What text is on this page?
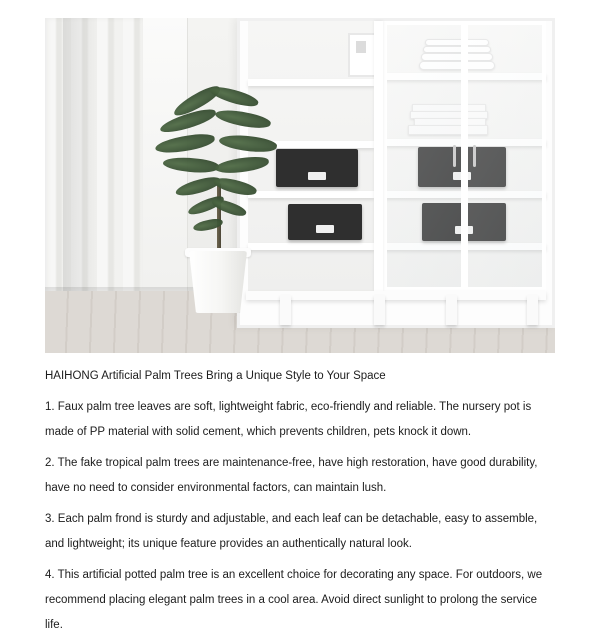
HAIHONG Artificial Palm Trees Bring a Unique Style to Your Space

1. Faux palm tree leaves are soft, lightweight fabric, eco-friendly and reliable. The nursery pot is made of PP material with solid cement, which prevents children, pets knock it down.

2. The fake tropical palm trees are maintenance-free, have high restoration, have good durability, have no need to consider environmental factors, can maintain lush.

3. Each palm frond is sturdy and adjustable, and each leaf can be detachable, easy to assemble, and lightweight; its unique feature provides an authentically natural look.

4. This artificial potted palm tree is an excellent choice for decorating any space. For outdoors, we recommend placing elegant palm trees in a cool area. Avoid direct sunlight to prolong the service life.
